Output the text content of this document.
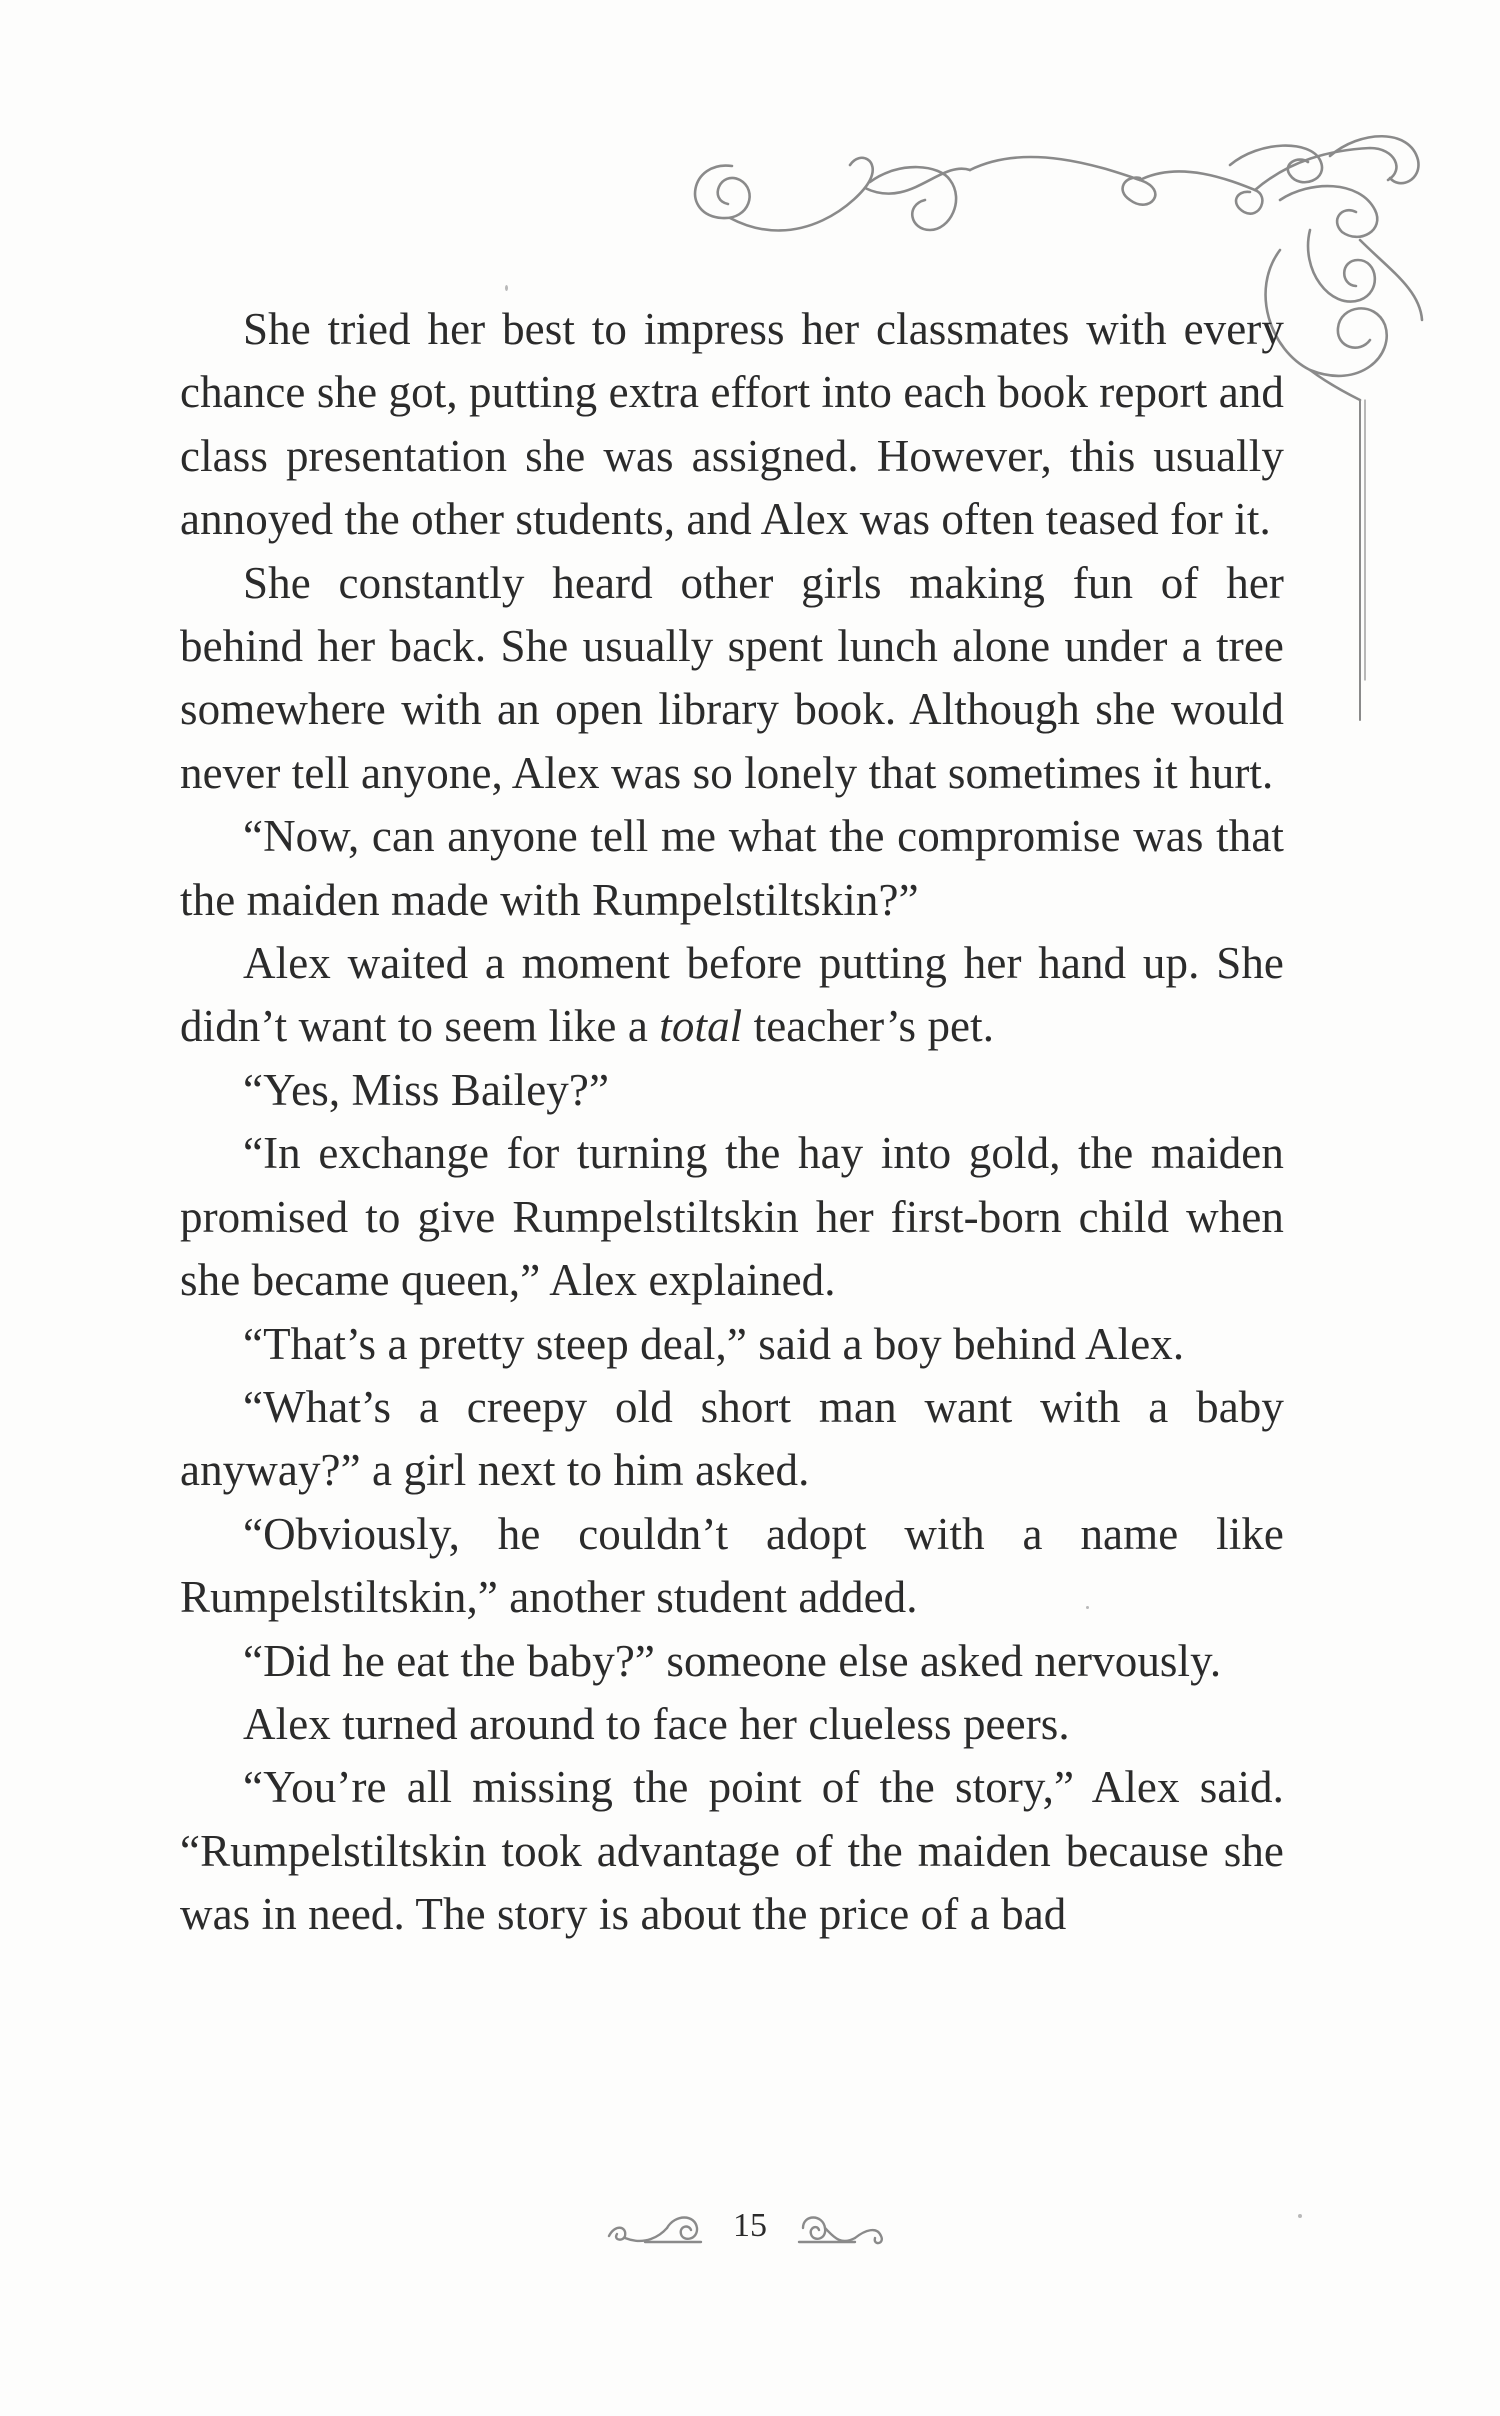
She tried her best to impress her classmates with every chance she got, putting extra effort into each book report and class presentation she was assigned. However, this usually annoyed the other students, and Alex was often teased for it.

She constantly heard other girls making fun of her behind her back. She usually spent lunch alone under a tree somewhere with an open library book. Although she would never tell anyone, Alex was so lonely that sometimes it hurt.

“Now, can anyone tell me what the compromise was that the maiden made with Rumpelstiltskin?”

Alex waited a moment before putting her hand up. She didn’t want to seem like a total teacher’s pet.

“Yes, Miss Bailey?”

“In exchange for turning the hay into gold, the maiden promised to give Rumpelstiltskin her first-born child when she became queen,” Alex explained.

“That’s a pretty steep deal,” said a boy behind Alex.

“What’s a creepy old short man want with a baby anyway?” a girl next to him asked.

“Obviously, he couldn’t adopt with a name like Rumpelstiltskin,” another student added.

“Did he eat the baby?” someone else asked nervously.

Alex turned around to face her clueless peers.

“You’re all missing the point of the story,” Alex said. “Rumpelstiltskin took advantage of the maiden because she was in need. The story is about the price of a bad

15
